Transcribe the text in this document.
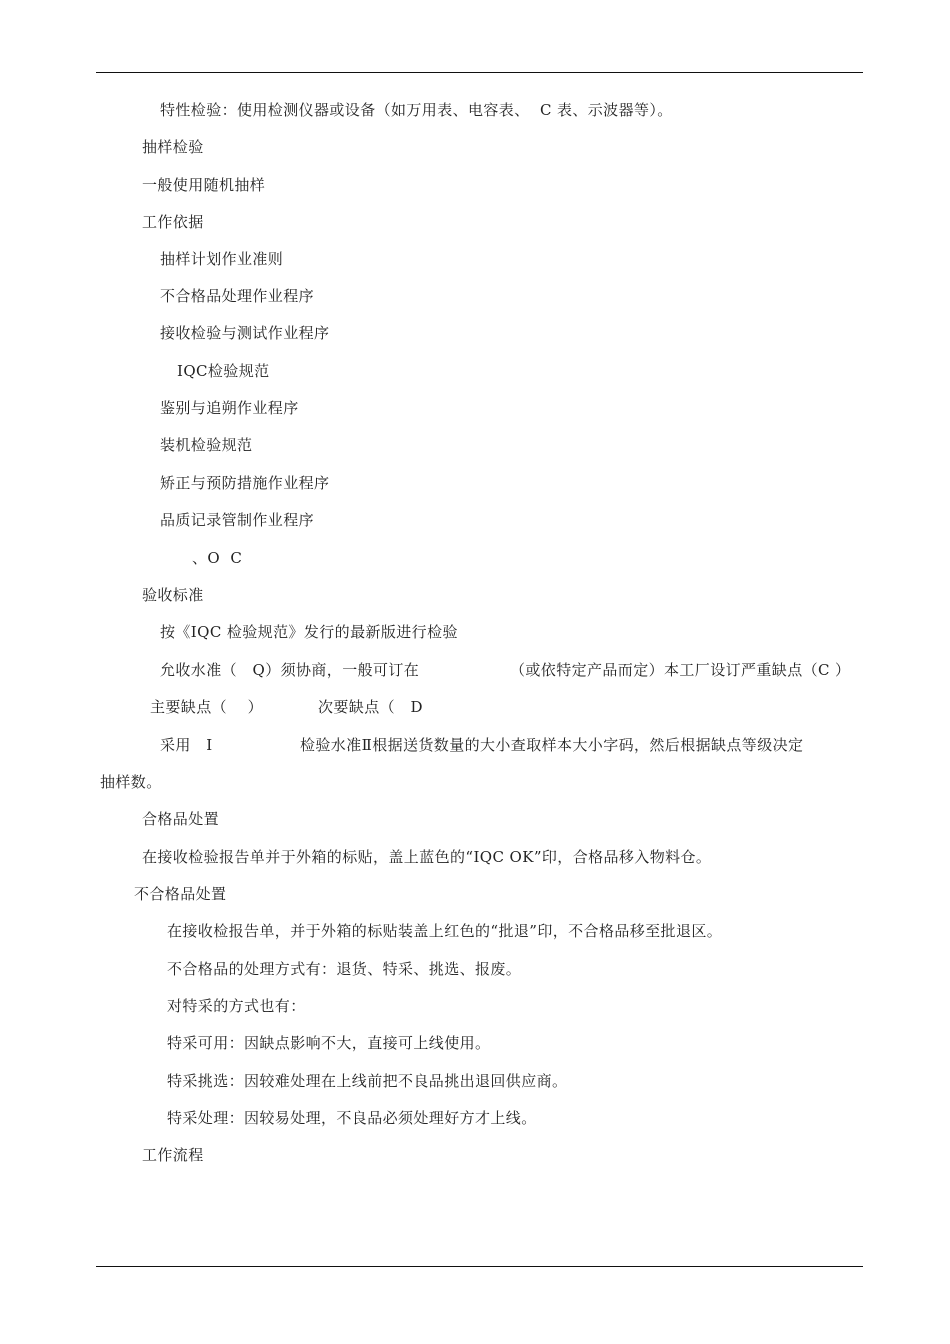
特性检验：使用检测仪器或设备（如万用表、电容表、  C 表、示波器等）。
抽样检验
一般使用随机抽样
工作依据
抽样计划作业准则
不合格品处理作业程序
接收检验与测试作业程序
IQC检验规范
鉴别与追朔作业程序
装机检验规范
矫正与预防措施作业程序
品质记录管制作业程序
、O  C
验收标准
按《IQC 检验规范》发行的最新版进行检验
允收水准（   Q）须协商，一般可订在	（或依特定产品而定）本工厂设订严重缺点（C ）
主要缺点（    ）	次要缺点（   D
采用   I	检验水准Ⅱ根据送货数量的大小查取样本大小字码，然后根据缺点等级决定
抽样数。
合格品处置
在接收检验报告单并于外箱的标贴，盖上蓝色的“IQC OK”印，合格品移入物料仓。
不合格品处置
在接收检报告单，并于外箱的标贴装盖上红色的“批退”印，不合格品移至批退区。
不合格品的处理方式有：退货、特采、挑选、报废。
对特采的方式也有：
特采可用：因缺点影响不大，直接可上线使用。
特采挑选：因较难处理在上线前把不良品挑出退回供应商。
特采处理：因较易处理，不良品必须处理好方才上线。
工作流程
